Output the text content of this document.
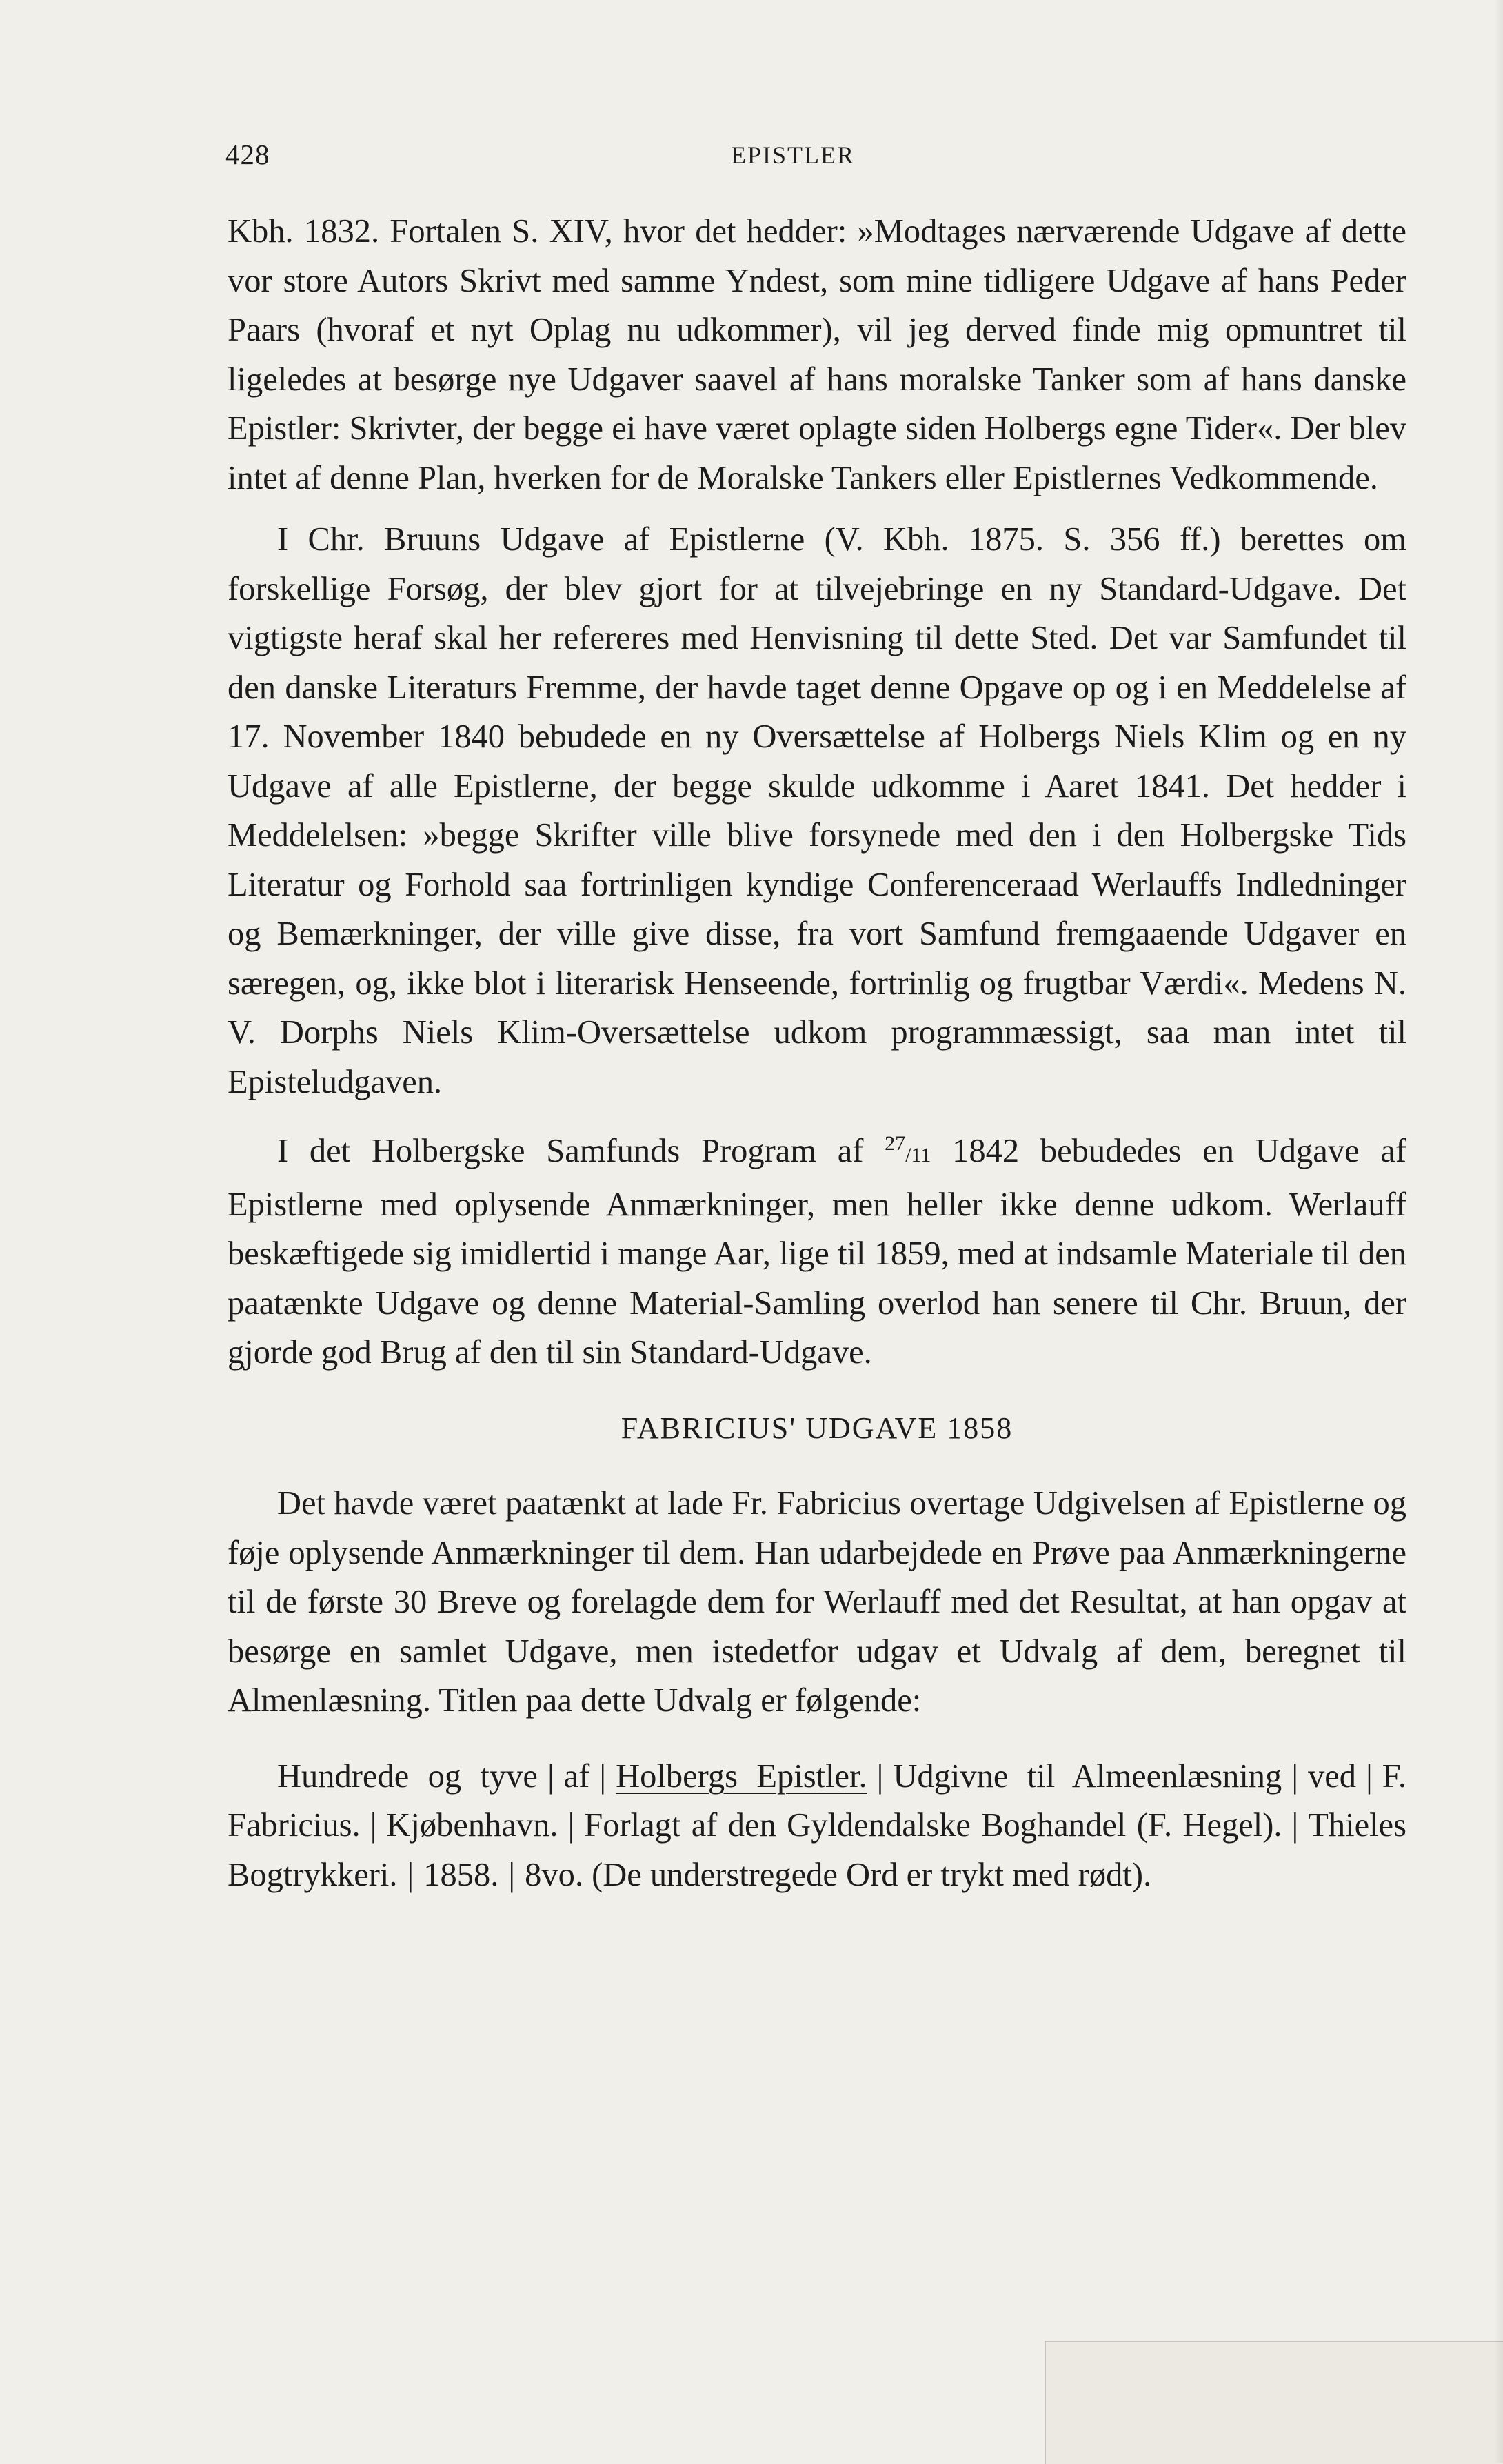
428	EPISTLER

Kbh. 1832. Fortalen S. XIV, hvor det hedder: »Modtages nærværende Udgave af dette vor store Autors Skrivt med samme Yndest, som mine tidligere Udgave af hans Peder Paars (hvoraf et nyt Oplag nu udkommer), vil jeg derved finde mig opmuntret til ligeledes at besørge nye Udgaver saavel af hans moralske Tanker som af hans danske Epistler: Skrivter, der begge ei have været oplagte siden Holbergs egne Tider«. Der blev intet af denne Plan, hverken for de Moralske Tankers eller Epistlernes Vedkommende.

I Chr. Bruuns Udgave af Epistlerne (V. Kbh. 1875. S. 356 ff.) berettes om forskellige Forsøg, der blev gjort for at tilvejebringe en ny Standard-Udgave. Det vigtigste heraf skal her refereres med Henvisning til dette Sted. Det var Samfundet til den danske Literaturs Fremme, der havde taget denne Opgave op og i en Meddelelse af 17. November 1840 bebudede en ny Oversættelse af Holbergs Niels Klim og en ny Udgave af alle Epistlerne, der begge skulde udkomme i Aaret 1841. Det hedder i Meddelelsen: »begge Skrifter ville blive forsynede med den i den Holbergske Tids Literatur og Forhold saa fortrinligen kyndige Conferenceraad Werlauffs Indledninger og Bemærkninger, der ville give disse, fra vort Samfund fremgaaende Udgaver en særegen, og, ikke blot i literarisk Henseende, fortrinlig og frugtbar Værdi«. Medens N. V. Dorphs Niels Klim-Oversættelse udkom programmæssigt, saa man intet til Episteludgaven.

I det Holbergske Samfunds Program af $^{27}$/11 1842 bebudedes en Udgave af Epistlerne med oplysende Anmærkninger, men heller ikke denne udkom. Werlauff beskæftigede sig imidlertid i mange Aar, lige til 1859, med at indsamle Materiale til den paatænkte Udgave og denne Material-Samling overlod han senere til Chr. Bruun, der gjorde god Brug af den til sin Standard-Udgave.

FABRICIUS' UDGAVE 1858

Det havde været paatænkt at lade Fr. Fabricius overtage Udgivelsen af Epistlerne og føje oplysende Anmærkninger til dem. Han udarbejdede en Prøve paa Anmærkningerne til de første 30 Breve og forelagde dem for Werlauff med det Resultat, at han opgav at besørge en samlet Udgave, men istedetfor udgav et Udvalg af dem, beregnet til Almenlæsning. Titlen paa dette Udvalg er følgende:

Hundrede og tyve | af | Holbergs Epistler. | Udgivne til Almeenlæsning | ved | F. Fabricius. | Kjøbenhavn. | Forlagt af den Gyldendalske Boghandel (F. Hegel). | Thieles Bogtrykkeri. | 1858. | 8vo. (De understregede Ord er trykt med rødt).
